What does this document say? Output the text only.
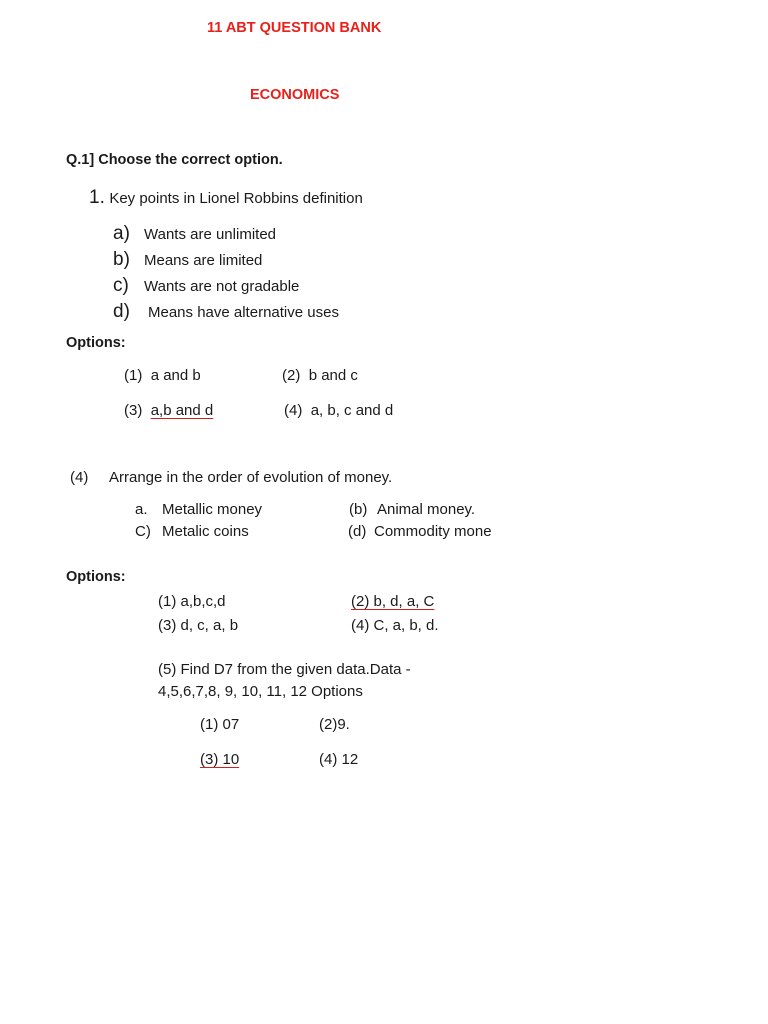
11 ABT QUESTION BANK
ECONOMICS
Q.1] Choose the correct option.
1. Key points in Lionel Robbins definition
a) Wants are unlimited
b) Means are limited
c) Wants are not gradable
d) Means have alternative uses
Options:
(1) a and b	(2) b and c
(3) a,b and d	(4) a, b, c and d
(4) Arrange in the order of evolution of money.
a. Metallic money	(b) Animal money.
C) Metalic coins	(d) Commodity mone
Options:
(1) a,b,c,d	(2) b, d, a, C
(3) d, c, a, b	(4) C, a, b, d.
(5) Find D7 from the given data.Data -
4,5,6,7,8, 9, 10, 11, 12 Options
(1) 07	(2)9.
(3) 10	(4) 12
